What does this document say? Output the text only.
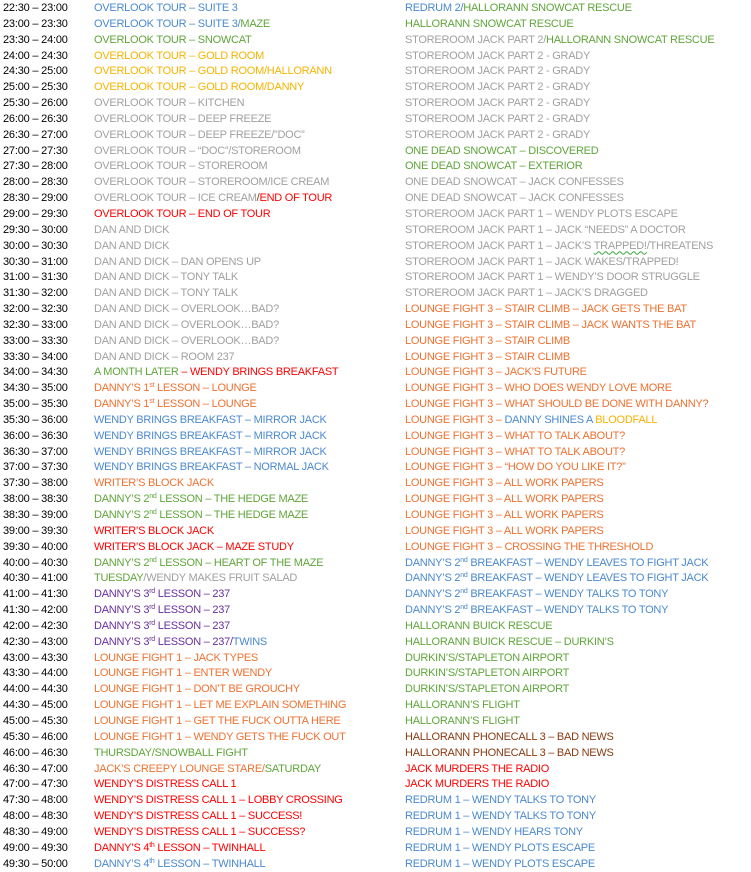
22:30 – 23:00 OVERLOOK TOUR – SUITE 3	REDRUM 2/HALLORANN SNOWCAT RESCUE
23:00 – 23:30 OVERLOOK TOUR – SUITE 3/MAZE	HALLORANN SNOWCAT RESCUE
23:30 – 24:00 OVERLOOK TOUR – SNOWCAT	STOREROOM JACK PART 2/HALLORANN SNOWCAT RESCUE
24:00 – 24:30 OVERLOOK TOUR – GOLD ROOM	STOREROOM JACK PART 2 - GRADY
24:30 – 25:00 OVERLOOK TOUR – GOLD ROOM/HALLORANN	STOREROOM JACK PART 2 - GRADY
25:00 – 25:30 OVERLOOK TOUR – GOLD ROOM/DANNY	STOREROOM JACK PART 2 - GRADY
25:30 – 26:00 OVERLOOK TOUR – KITCHEN	STOREROOM JACK PART 2 - GRADY
26:00 – 26:30 OVERLOOK TOUR – DEEP FREEZE	STOREROOM JACK PART 2 - GRADY
26:30 – 27:00 OVERLOOK TOUR – DEEP FREEZE/”DOC”	STOREROOM JACK PART 2 - GRADY
27:00 – 27:30 OVERLOOK TOUR – “DOC”/STOREROOM	ONE DEAD SNOWCAT – DISCOVERED
27:30 – 28:00 OVERLOOK TOUR – STOREROOM	ONE DEAD SNOWCAT – EXTERIOR
28:00 – 28:30 OVERLOOK TOUR – STOREROOM/ICE CREAM	ONE DEAD SNOWCAT – JACK CONFESSES
28:30 – 29:00 OVERLOOK TOUR – ICE CREAM/END OF TOUR	ONE DEAD SNOWCAT – JACK CONFESSES
29:00 – 29:30 OVERLOOK TOUR – END OF TOUR	STOREROOM JACK PART 1 – WENDY PLOTS ESCAPE
29:30 – 30:00 DAN AND DICK	STOREROOM JACK PART 1 – JACK “NEEDS” A DOCTOR
30:00 – 30:30 DAN AND DICK	STOREROOM JACK PART 1 – JACK’S TRAPPED!/THREATENS
30:30 – 31:00 DAN AND DICK – DAN OPENS UP	STOREROOM JACK PART 1 – JACK WAKES/TRAPPED!
31:00 – 31:30 DAN AND DICK – TONY TALK	STOREROOM JACK PART 1 – WENDY’S DOOR STRUGGLE
31:30 – 32:00 DAN AND DICK – TONY TALK	STOREROOM JACK PART 1 – JACK’S DRAGGED
32:00 – 32:30 DAN AND DICK – OVERLOOK…BAD?	LOUNGE FIGHT 3 – STAIR CLIMB – JACK GETS THE BAT
32:30 – 33:00 DAN AND DICK – OVERLOOK…BAD?	LOUNGE FIGHT 3 – STAIR CLIMB – JACK WANTS THE BAT
33:00 – 33:30 DAN AND DICK – OVERLOOK…BAD?	LOUNGE FIGHT 3 – STAIR CLIMB
33:30 – 34:00 DAN AND DICK – ROOM 237	LOUNGE FIGHT 3 – STAIR CLIMB
34:00 – 34:30 A MONTH LATER – WENDY BRINGS BREAKFAST	LOUNGE FIGHT 3 – JACK’S FUTURE
34:30 – 35:00 DANNY’S 1st LESSON – LOUNGE	LOUNGE FIGHT 3 – WHO DOES WENDY LOVE MORE
35:00 – 35:30 DANNY’S 1st LESSON – LOUNGE	LOUNGE FIGHT 3 – WHAT SHOULD BE DONE WITH DANNY?
35:30 – 36:00 WENDY BRINGS BREAKFAST – MIRROR JACK	LOUNGE FIGHT 3 – DANNY SHINES A BLOODFALL
36:00 – 36:30 WENDY BRINGS BREAKFAST – MIRROR JACK	LOUNGE FIGHT 3 – WHAT TO TALK ABOUT?
36:30 – 37:00 WENDY BRINGS BREAKFAST – MIRROR JACK	LOUNGE FIGHT 3 – WHAT TO TALK ABOUT?
37:00 – 37:30 WENDY BRINGS BREAKFAST – NORMAL JACK	LOUNGE FIGHT 3 – “HOW DO YOU LIKE IT?”
37:30 – 38:00 WRITER’S BLOCK JACK	LOUNGE FIGHT 3 – ALL WORK PAPERS
38:00 – 38:30 DANNY’S 2nd LESSON – THE HEDGE MAZE	LOUNGE FIGHT 3 – ALL WORK PAPERS
38:30 – 39:00 DANNY’S 2nd LESSON – THE HEDGE MAZE	LOUNGE FIGHT 3 – ALL WORK PAPERS
39:00 – 39:30 WRITER’S BLOCK JACK	LOUNGE FIGHT 3 – ALL WORK PAPERS
39:30 – 40:00 WRITER’S BLOCK JACK – MAZE STUDY	LOUNGE FIGHT 3 – CROSSING THE THRESHOLD
40:00 – 40:30 DANNY’S 2nd LESSON – HEART OF THE MAZE	DANNY’S 2nd BREAKFAST – WENDY LEAVES TO FIGHT JACK
40:30 – 41:00 TUESDAY/WENDY MAKES FRUIT SALAD	DANNY’S 2nd BREAKFAST – WENDY LEAVES TO FIGHT JACK
41:00 – 41:30 DANNY’S 3rd LESSON – 237	DANNY’S 2nd BREAKFAST – WENDY TALKS TO TONY
41:30 – 42:00 DANNY’S 3rd LESSON – 237	DANNY’S 2nd BREAKFAST – WENDY TALKS TO TONY
42:00 – 42:30 DANNY’S 3rd LESSON – 237	HALLORANN BUICK RESCUE
42:30 – 43:00 DANNY’S 3rd LESSON – 237/TWINS	HALLORANN BUICK RESCUE – DURKIN’S
43:00 – 43:30 LOUNGE FIGHT 1 – JACK TYPES	DURKIN’S/STAPLETON AIRPORT
43:30 – 44:00 LOUNGE FIGHT 1 – ENTER WENDY	DURKIN’S/STAPLETON AIRPORT
44:00 – 44:30 LOUNGE FIGHT 1 – DON’T BE GROUCHY	DURKIN’S/STAPLETON AIRPORT
44:30 – 45:00 LOUNGE FIGHT 1 – LET ME EXPLAIN SOMETHING	HALLORANN’S FLIGHT
45:00 – 45:30 LOUNGE FIGHT 1 – GET THE FUCK OUTTA HERE	HALLORANN’S FLIGHT
45:30 – 46:00 LOUNGE FIGHT 1 – WENDY GETS THE FUCK OUT	HALLORANN PHONECALL 3 – BAD NEWS
46:00 – 46:30 THURSDAY/SNOWBALL FIGHT	HALLORANN PHONECALL 3 – BAD NEWS
46:30 – 47:00 JACK’S CREEPY LOUNGE STARE/SATURDAY	JACK MURDERS THE RADIO
47:00 – 47:30 WENDY’S DISTRESS CALL 1	JACK MURDERS THE RADIO
47:30 – 48:00 WENDY’S DISTRESS CALL 1 – LOBBY CROSSING	REDRUM 1 – WENDY TALKS TO TONY
48:00 – 48:30 WENDY’S DISTRESS CALL 1 – SUCCESS!	REDRUM 1 – WENDY TALKS TO TONY
48:30 – 49:00 WENDY’S DISTRESS CALL 1 – SUCCESS?	REDRUM 1 – WENDY HEARS TONY
49:00 – 49:30 DANNY’S 4th LESSON – TWINHALL	REDRUM 1 – WENDY PLOTS ESCAPE
49:30 – 50:00 DANNY’S 4th LESSON – TWINHALL	REDRUM 1 – WENDY PLOTS ESCAPE
